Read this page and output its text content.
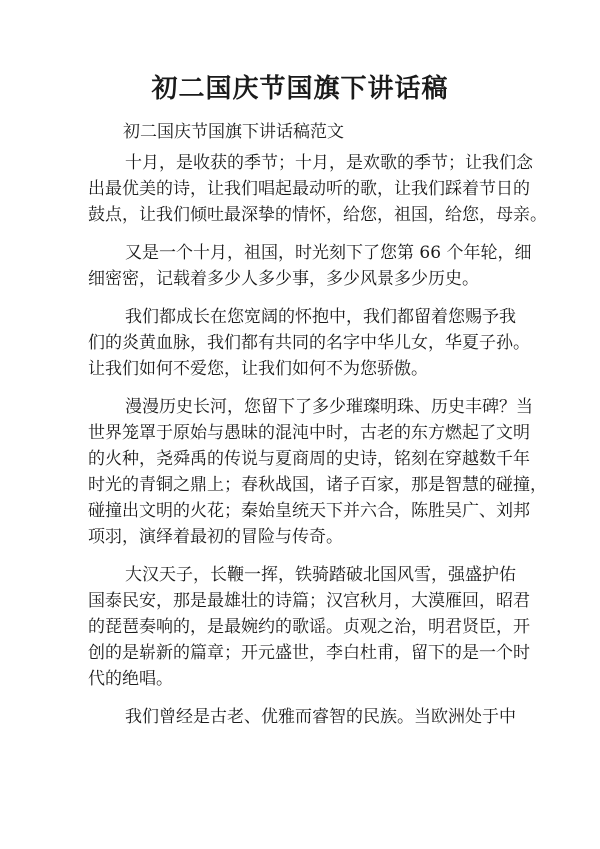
初二国庆节国旗下讲话稿

初二国庆节国旗下讲话稿范文

十月，是收获的季节；十月，是欢歌的季节；让我们念
出最优美的诗，让我们唱起最动听的歌，让我们踩着节日的
鼓点，让我们倾吐最深挚的情怀，给您，祖国，给您，母亲。
又是一个十月，祖国，时光刻下了您第 66 个年轮，细
细密密，记载着多少人多少事，多少风景多少历史。
我们都成长在您宽阔的怀抱中，我们都留着您赐予我
们的炎黄血脉，我们都有共同的名字中华儿女，华夏子孙。
让我们如何不爱您，让我们如何不为您骄傲。
漫漫历史长河，您留下了多少璀璨明珠、历史丰碑？当
世界笼罩于原始与愚昧的混沌中时，古老的东方燃起了文明
的火种，尧舜禹的传说与夏商周的史诗，铭刻在穿越数千年
时光的青铜之鼎上；春秋战国，诸子百家，那是智慧的碰撞，
碰撞出文明的火花；秦始皇统天下并六合，陈胜吴广、刘邦
项羽，演绎着最初的冒险与传奇。
大汉天子，长鞭一挥，铁骑踏破北国风雪，强盛护佑
国泰民安，那是最雄壮的诗篇；汉宫秋月，大漠雁回，昭君
的琵琶奏响的，是最婉约的歌谣。贞观之治，明君贤臣，开
创的是崭新的篇章；开元盛世，李白杜甫，留下的是一个时
代的绝唱。
我们曾经是古老、优雅而睿智的民族。当欧洲处于中
